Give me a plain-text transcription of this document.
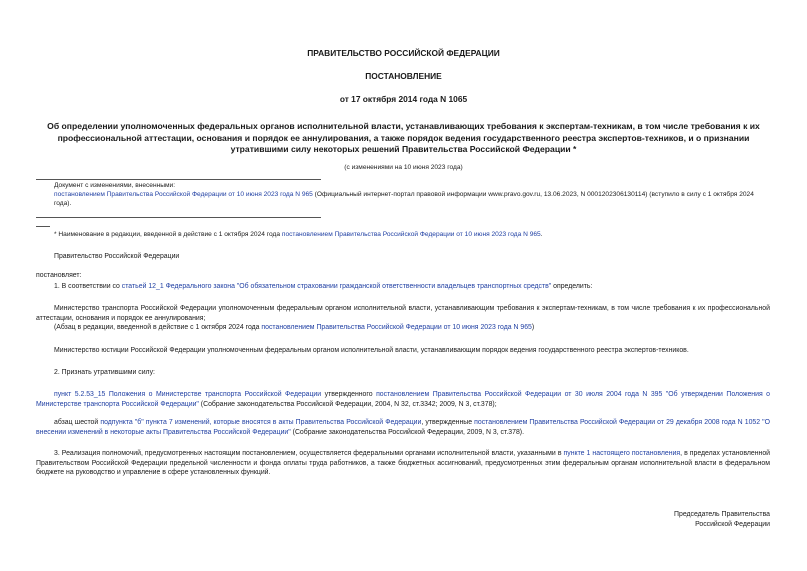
ПРАВИТЕЛЬСТВО РОССИЙСКОЙ ФЕДЕРАЦИИ
ПОСТАНОВЛЕНИЕ
от 17 октября 2014 года N 1065
Об определении уполномоченных федеральных органов исполнительной власти, устанавливающих требования к экспертам-техникам, в том числе требования к их профессиональной аттестации, основания и порядок ее аннулирования, а также порядок ведения государственного реестра экспертов-техников, и о признании утратившими силу некоторых решений Правительства Российской Федерации *
(с изменениями на 10 июня 2023 года)
Документ с изменениями, внесенными:
постановлением Правительства Российской Федерации от 10 июня 2023 года N 965 (Официальный интернет-портал правовой информации www.pravo.gov.ru, 13.06.2023, N 0001202306130114) (вступило в силу с 1 октября 2024 года).
* Наименование в редакции, введенной в действие с 1 октября 2024 года постановлением Правительства Российской Федерации от 10 июня 2023 года N 965.
Правительство Российской Федерации
постановляет:
1. В соответствии со статьей 12_1 Федерального закона "Об обязательном страховании гражданской ответственности владельцев транспортных средств" определить:
Министерство транспорта Российской Федерации уполномоченным федеральным органом исполнительной власти, устанавливающим требования к экспертам-техникам, в том числе требования к их профессиональной аттестации, основания и порядок ее аннулирования;
(Абзац в редакции, введенной в действие с 1 октября 2024 года постановлением Правительства Российской Федерации от 10 июня 2023 года N 965)
Министерство юстиции Российской Федерации уполномоченным федеральным органом исполнительной власти, устанавливающим порядок ведения государственного реестра экспертов-техников.
2. Признать утратившими силу:
пункт 5.2.53_15 Положения о Министерстве транспорта Российской Федерации утвержденного постановлением Правительства Российской Федерации от 30 июля 2004 года N 395 "Об утверждении Положения о Министерстве транспорта Российской Федерации" (Собрание законодательства Российской Федерации, 2004, N 32, ст.3342; 2009, N 3, ст.378);
абзац шестой подпункта "б" пункта 7 изменений, которые вносятся в акты Правительства Российской Федерации, утвержденные постановлением Правительства Российской Федерации от 29 декабря 2008 года N 1052 "О внесении изменений в некоторые акты Правительства Российской Федерации" (Собрание законодательства Российской Федерации, 2009, N 3, ст.378).
3. Реализация полномочий, предусмотренных настоящим постановлением, осуществляется федеральными органами исполнительной власти, указанными в пункте 1 настоящего постановления, в пределах установленной Правительством Российской Федерации предельной численности и фонда оплаты труда работников, а также бюджетных ассигнований, предусмотренных этим федеральным органам исполнительной власти в федеральном бюджете на руководство и управление в сфере установленных функций.
Председатель Правительства
Российской Федерации
